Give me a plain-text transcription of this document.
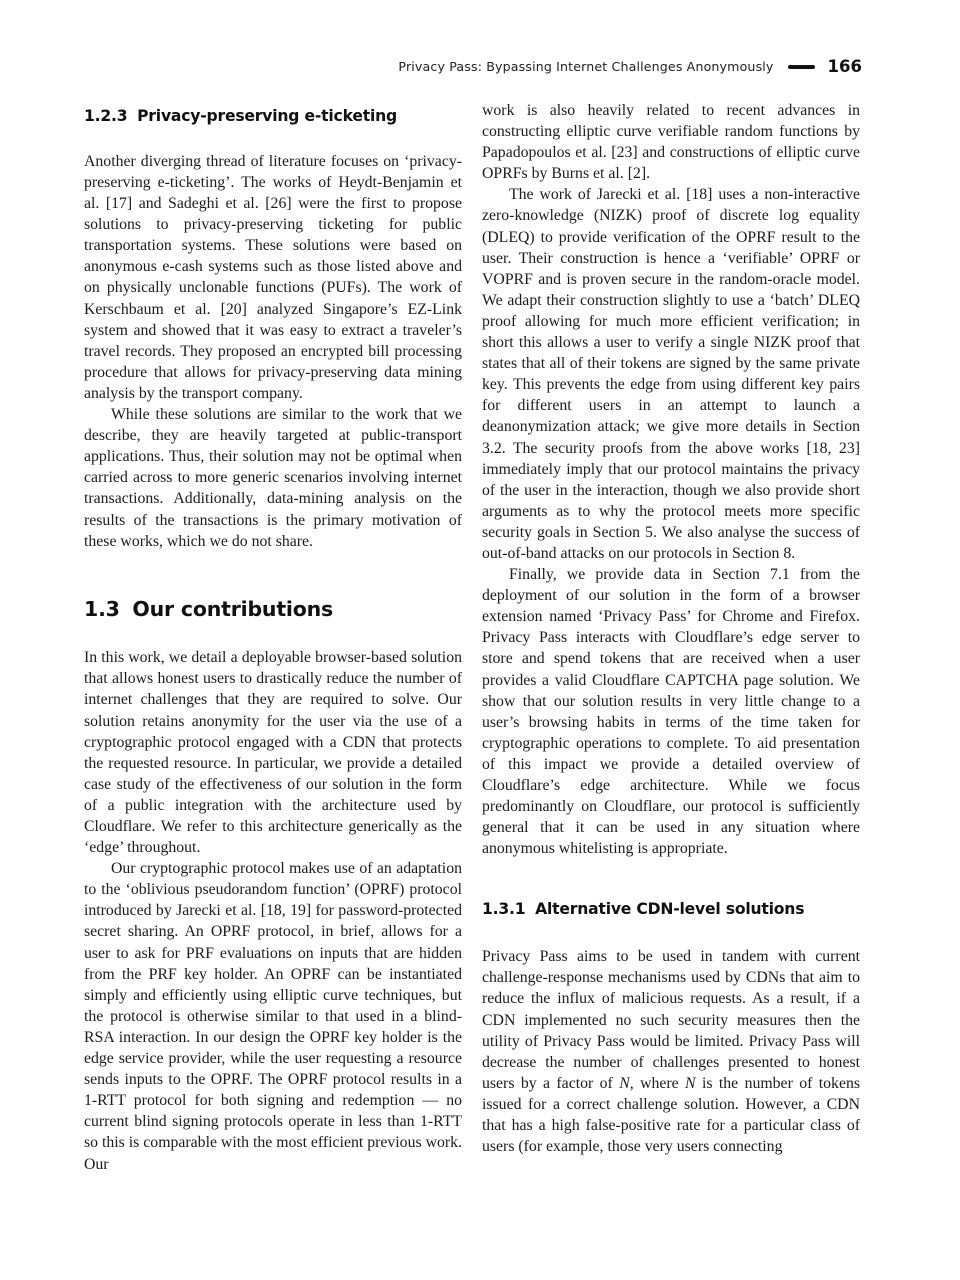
Privacy Pass: Bypassing Internet Challenges Anonymously	166
1.2.3 Privacy-preserving e-ticketing

Another diverging thread of literature focuses on ‘privacy-preserving e-ticketing’. The works of Heydt-Benjamin et al. [17] and Sadeghi et al. [26] were the first to propose solutions to privacy-preserving ticketing for public transportation systems. These solutions were based on anonymous e-cash systems such as those listed above and on physically unclonable functions (PUFs). The work of Kerschbaum et al. [20] analyzed Singapore’s EZ-Link system and showed that it was easy to extract a traveler’s travel records. They proposed an encrypted bill processing procedure that allows for privacy-preserving data mining analysis by the transport company.

While these solutions are similar to the work that we describe, they are heavily targeted at public-transport applications. Thus, their solution may not be optimal when carried across to more generic scenarios involving internet transactions. Additionally, data-mining analysis on the results of the transactions is the primary motivation of these works, which we do not share.

1.3 Our contributions

In this work, we detail a deployable browser-based solution that allows honest users to drastically reduce the number of internet challenges that they are required to solve. Our solution retains anonymity for the user via the use of a cryptographic protocol engaged with a CDN that protects the requested resource. In particular, we provide a detailed case study of the effectiveness of our solution in the form of a public integration with the architecture used by Cloudflare. We refer to this architecture generically as the ‘edge’ throughout.

Our cryptographic protocol makes use of an adaptation to the ‘oblivious pseudorandom function’ (OPRF) protocol introduced by Jarecki et al. [18, 19] for password-protected secret sharing. An OPRF protocol, in brief, allows for a user to ask for PRF evaluations on inputs that are hidden from the PRF key holder. An OPRF can be instantiated simply and efficiently using elliptic curve techniques, but the protocol is otherwise similar to that used in a blind-RSA interaction. In our design the OPRF key holder is the edge service provider, while the user requesting a resource sends inputs to the OPRF. The OPRF protocol results in a 1-RTT protocol for both signing and redemption — no current blind signing protocols operate in less than 1-RTT so this is comparable with the most efficient previous work. Our

work is also heavily related to recent advances in constructing elliptic curve verifiable random functions by Papadopoulos et al. [23] and constructions of elliptic curve OPRFs by Burns et al. [2].

The work of Jarecki et al. [18] uses a non-interactive zero-knowledge (NIZK) proof of discrete log equality (DLEQ) to provide verification of the OPRF result to the user. Their construction is hence a ‘verifiable’ OPRF or VOPRF and is proven secure in the random-oracle model. We adapt their construction slightly to use a ‘batch’ DLEQ proof allowing for much more efficient verification; in short this allows a user to verify a single NIZK proof that states that all of their tokens are signed by the same private key. This prevents the edge from using different key pairs for different users in an attempt to launch a deanonymization attack; we give more details in Section 3.2. The security proofs from the above works [18, 23] immediately imply that our protocol maintains the privacy of the user in the interaction, though we also provide short arguments as to why the protocol meets more specific security goals in Section 5. We also analyse the success of out-of-band attacks on our protocols in Section 8.

Finally, we provide data in Section 7.1 from the deployment of our solution in the form of a browser extension named ‘Privacy Pass’ for Chrome and Firefox. Privacy Pass interacts with Cloudflare’s edge server to store and spend tokens that are received when a user provides a valid Cloudflare CAPTCHA page solution. We show that our solution results in very little change to a user’s browsing habits in terms of the time taken for cryptographic operations to complete. To aid presentation of this impact we provide a detailed overview of Cloudflare’s edge architecture. While we focus predominantly on Cloudflare, our protocol is sufficiently general that it can be used in any situation where anonymous whitelisting is appropriate.

1.3.1 Alternative CDN-level solutions

Privacy Pass aims to be used in tandem with current challenge-response mechanisms used by CDNs that aim to reduce the influx of malicious requests. As a result, if a CDN implemented no such security measures then the utility of Privacy Pass would be limited. Privacy Pass will decrease the number of challenges presented to honest users by a factor of N, where N is the number of tokens issued for a correct challenge solution. However, a CDN that has a high false-positive rate for a particular class of users (for example, those very users connecting
